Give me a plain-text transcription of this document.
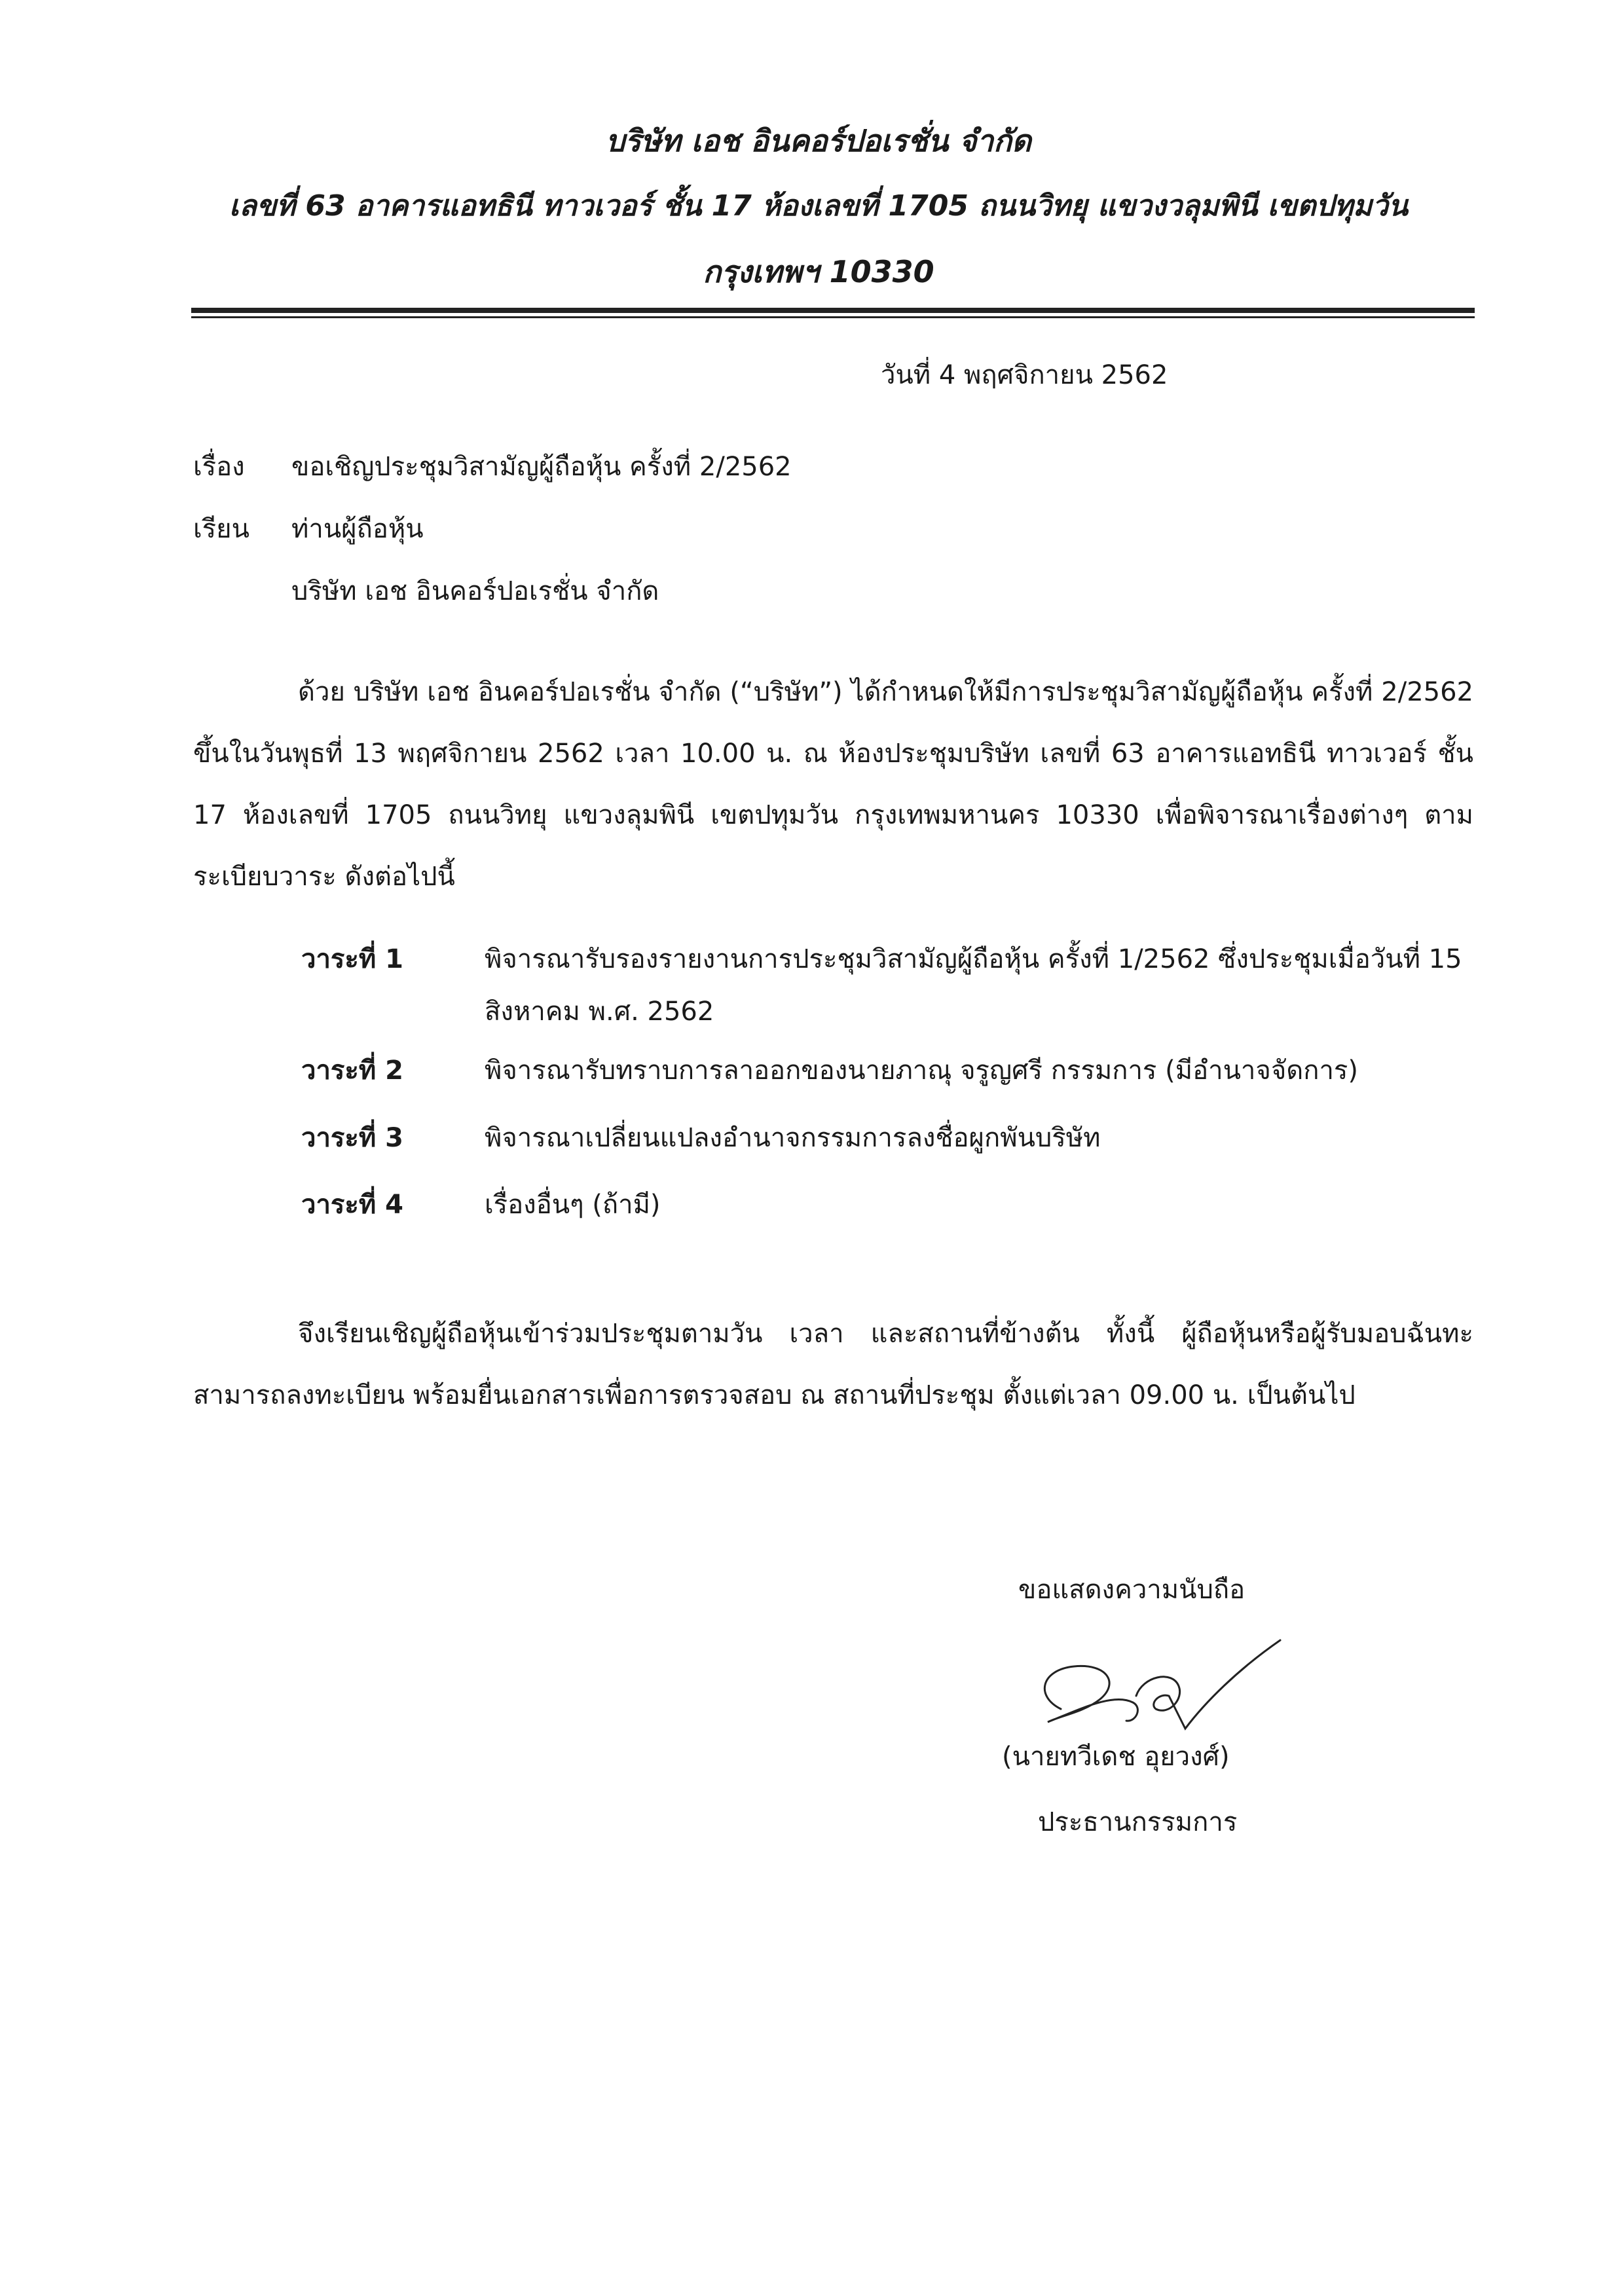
บริษัท เอช อินคอร์ปอเรชั่น จำกัด
เลขที่ 63 อาคารแอทธินี ทาวเวอร์ ชั้น 17 ห้องเลขที่ 1705 ถนนวิทยุ แขวงวลุมพินี เขตปทุมวัน
กรุงเทพฯ 10330
วันที่ 4 พฤศจิกายน 2562
เรื่อง ขอเชิญประชุมวิสามัญผู้ถือหุ้น ครั้งที่ 2/2562
เรียน ท่านผู้ถือหุ้น
บริษัท เอช อินคอร์ปอเรชั่น จำกัด
ด้วย บริษัท เอช อินคอร์ปอเรชั่น จำกัด (“บริษัท”) ได้กำหนดให้มีการประชุมวิสามัญผู้ถือหุ้น ครั้งที่ 2/2562 ขึ้นในวันพุธที่ 13 พฤศจิกายน 2562 เวลา 10.00 น. ณ ห้องประชุมบริษัท เลขที่ 63 อาคารแอทธินี ทาวเวอร์ ชั้น 17 ห้องเลขที่ 1705 ถนนวิทยุ แขวงลุมพินี เขตปทุมวัน กรุงเทพมหานคร 10330 เพื่อพิจารณาเรื่องต่างๆ ตามระเบียบวาระ ดังต่อไปนี้
วาระที่ 1	พิจารณารับรองรายงานการประชุมวิสามัญผู้ถือหุ้น ครั้งที่ 1/2562 ซึ่งประชุมเมื่อวันที่ 15 สิงหาคม พ.ศ. 2562
วาระที่ 2	พิจารณารับทราบการลาออกของนายภาณุ จรูญศรี กรรมการ (มีอำนาจจัดการ)
วาระที่ 3	พิจารณาเปลี่ยนแปลงอำนาจกรรมการลงชื่อผูกพันบริษัท
วาระที่ 4	เรื่องอื่นๆ (ถ้ามี)
จึงเรียนเชิญผู้ถือหุ้นเข้าร่วมประชุมตามวัน เวลา และสถานที่ข้างต้น ทั้งนี้ ผู้ถือหุ้นหรือผู้รับมอบฉันทะสามารถลงทะเบียน พร้อมยื่นเอกสารเพื่อการตรวจสอบ ณ สถานที่ประชุม ตั้งแต่เวลา 09.00 น. เป็นต้นไป
ขอแสดงความนับถือ
(นายทวีเดช อุยวงศ์)
ประธานกรรมการ
